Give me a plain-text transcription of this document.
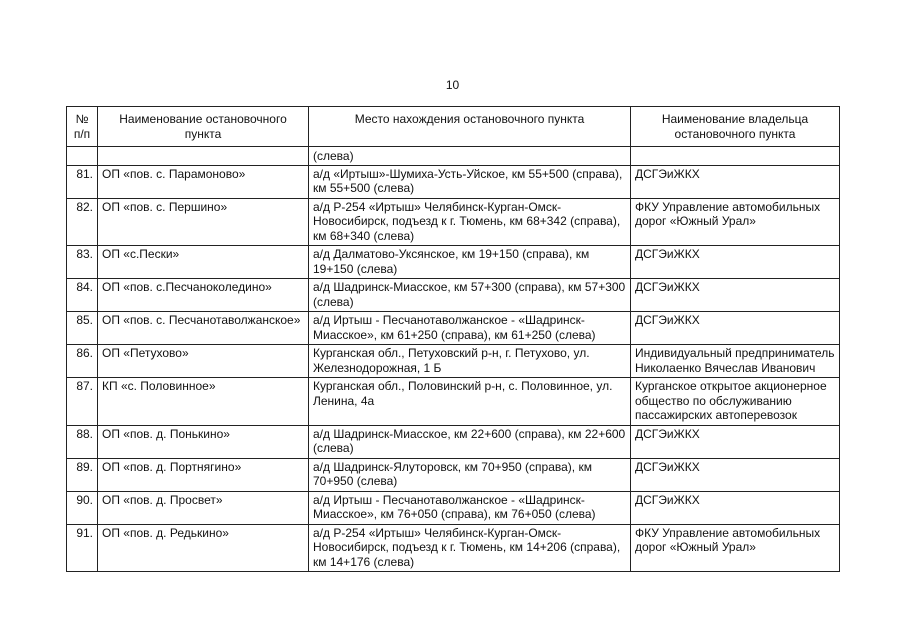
10
№ п/п	Наименование остановочного пункта	Место нахождения остановочного пункта	Наименование владельца остановочного пункта
		(слева)	
81.	ОП «пов. с. Парамоново»	а/д «Иртыш»-Шумиха-Усть-Уйское, км 55+500 (справа), км 55+500 (слева)	ДСГЭиЖКХ
82.	ОП «пов. с. Першино»	а/д Р-254 «Иртыш» Челябинск-Курган-Омск-Новосибирск, подъезд к г. Тюмень, км 68+342 (справа), км 68+340 (слева)	ФКУ Управление автомобильных дорог «Южный Урал»
83.	ОП «с.Пески»	а/д Далматово-Уксянское, км 19+150 (справа), км 19+150 (слева)	ДСГЭиЖКХ
84.	ОП «пов. с.Песчаноколедино»	а/д Шадринск-Миасское, км 57+300 (справа), км 57+300 (слева)	ДСГЭиЖКХ
85.	ОП «пов. с. Песчанотаволжанское»	а/д Иртыш - Песчанотаволжанское - «Шадринск-Миасское», км 61+250 (справа), км 61+250 (слева)	ДСГЭиЖКХ
86.	ОП «Петухово»	Курганская обл., Петуховский р-н, г. Петухово, ул. Железнодорожная, 1 Б	Индивидуальный предприниматель Николаенко Вячеслав Иванович
87.	КП «с. Половинное»	Курганская обл., Половинский р-н, с. Половинное, ул. Ленина, 4а	Курганское открытое акционерное общество по обслуживанию пассажирских автоперевозок
88.	ОП «пов. д. Понькино»	а/д Шадринск-Миасское, км 22+600 (справа), км 22+600 (слева)	ДСГЭиЖКХ
89.	ОП «пов. д. Портнягино»	а/д Шадринск-Ялуторовск, км 70+950 (справа), км 70+950 (слева)	ДСГЭиЖКХ
90.	ОП «пов. д. Просвет»	а/д Иртыш - Песчанотаволжанское - «Шадринск-Миасское», км 76+050 (справа), км 76+050 (слева)	ДСГЭиЖКХ
91.	ОП «пов. д. Редькино»	а/д Р-254 «Иртыш» Челябинск-Курган-Омск-Новосибирск, подъезд к г. Тюмень, км 14+206 (справа), км 14+176 (слева)	ФКУ Управление автомобильных дорог «Южный Урал»
